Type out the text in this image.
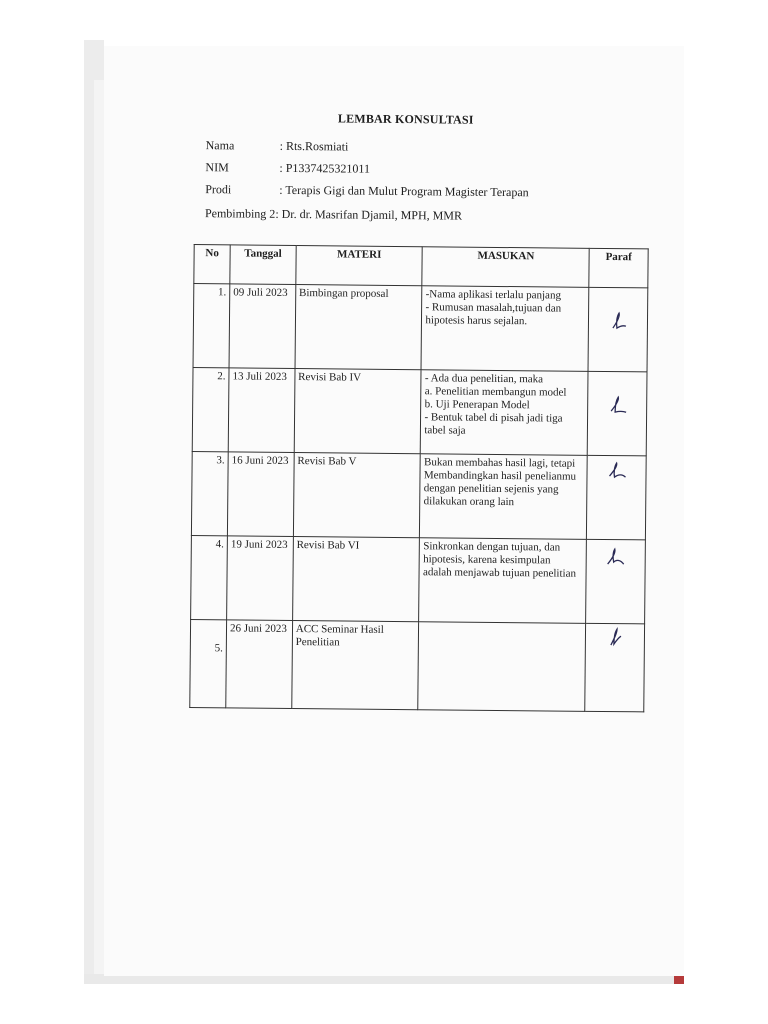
LEMBAR KONSULTASI
Nama	: Rts.Rosmiati
NIM	: P1337425321011
Prodi	: Terapis Gigi dan Mulut Program Magister Terapan
Pembimbing 2: Dr. dr. Masrifan Djamil, MPH, MMR
No	Tanggal	MATERI	MASUKAN	Paraf
1.	09 Juli 2023	Bimbingan proposal	-Nama aplikasi terlalu panjang
- Rumusan masalah,tujuan dan
hipotesis harus sejalan.

2.	13 Juli 2023	Revisi Bab IV	- Ada dua penelitian, maka
a. Penelitian membangun model
b. Uji Penerapan Model
- Bentuk tabel di pisah jadi tiga
tabel saja

3.	16 Juni 2023	Revisi Bab V	Bukan membahas hasil lagi, tetapi
Membandingkan hasil penelianmu
dengan penelitian sejenis yang
dilakukan orang lain

4.	19 Juni 2023	Revisi Bab VI	Sinkronkan dengan tujuan, dan
hipotesis, karena kesimpulan
adalah menjawab tujuan penelitian

5.	26 Juni 2023	ACC Seminar Hasil Penelitian		
